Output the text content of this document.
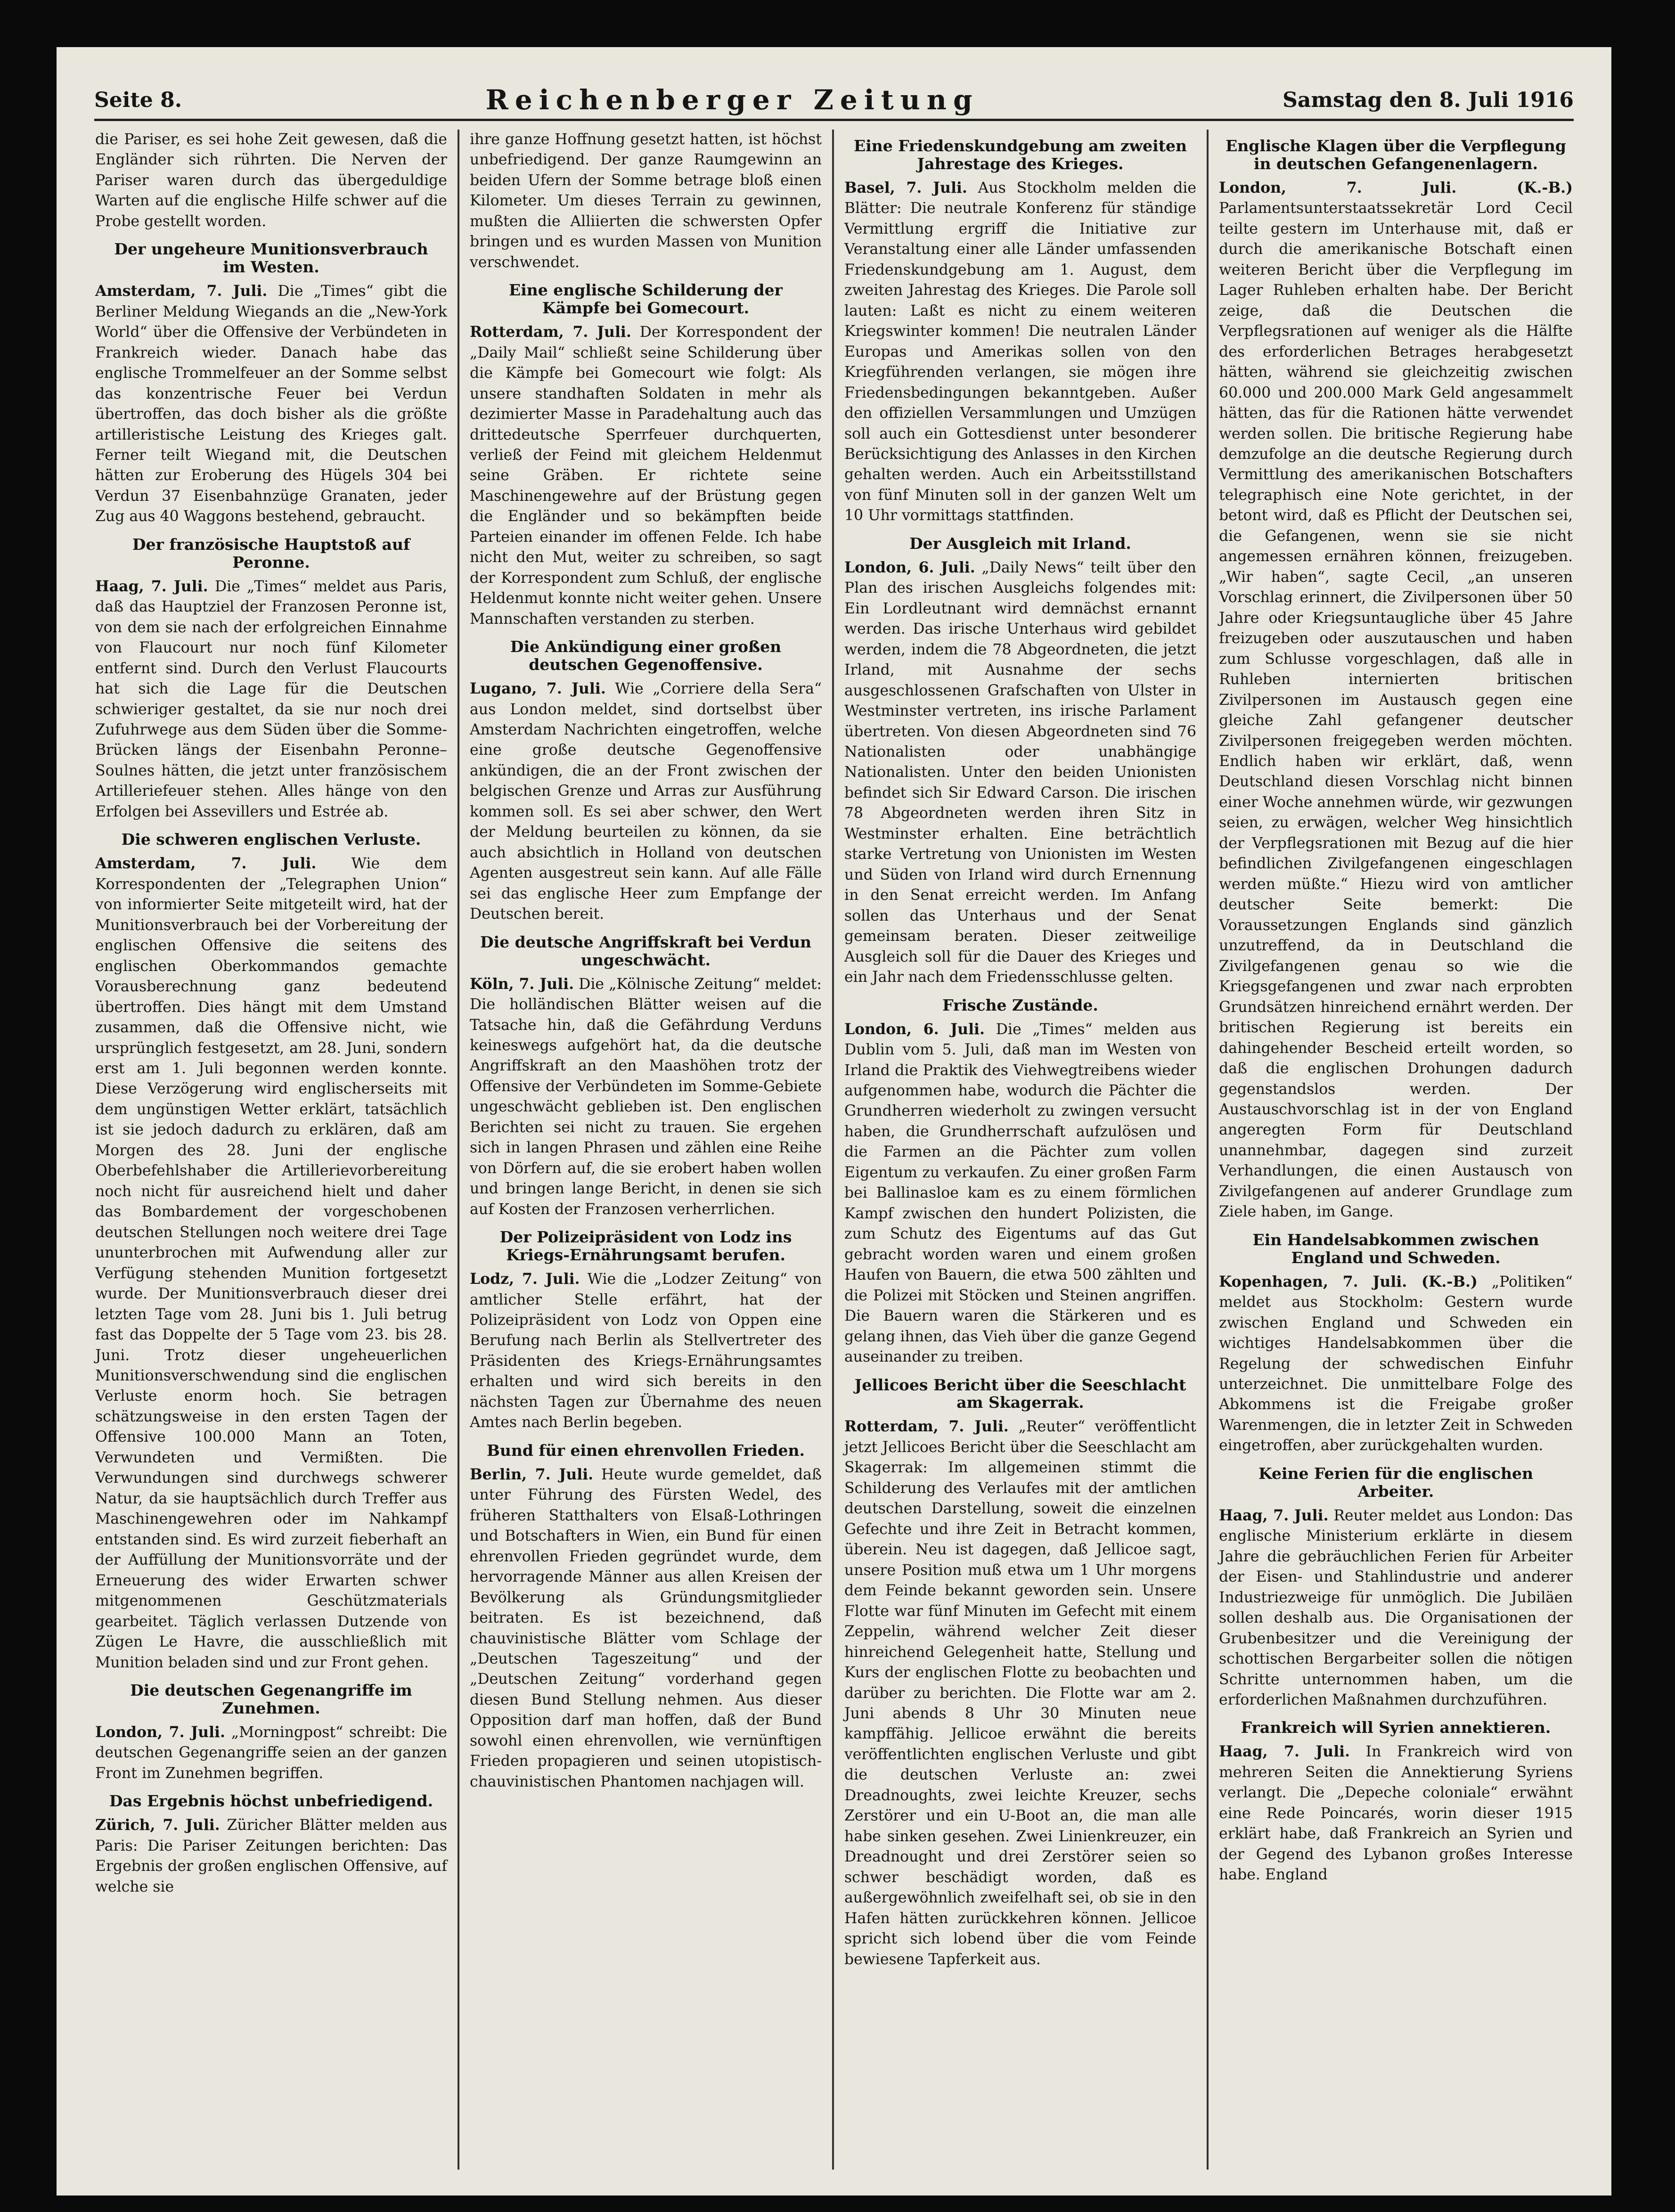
Seite 8.	Reichenberger Zeitung	Samstag den 8. Juli 1916

die Pariser, es sei hohe Zeit gewesen, daß die Engländer sich rührten. Die Nerven der Pariser waren durch das übergeduldige Warten auf die englische Hilfe schwer auf die Probe gestellt worden.

Der ungeheure Munitionsverbrauch im Westen.

Amsterdam, 7. Juli. Die „Times“ gibt die Berliner Meldung Wiegands an die „New-York World“ über die Offensive der Verbündeten in Frankreich wieder. Danach habe das englische Trommelfeuer an der Somme selbst das konzentrische Feuer bei Verdun übertroffen, das doch bisher als die größte artilleristische Leistung des Krieges galt. Ferner teilt Wiegand mit, die Deutschen hätten zur Eroberung des Hügels 304 bei Verdun 37 Eisenbahnzüge Granaten, jeder Zug aus 40 Waggons bestehend, gebraucht.

Der französische Hauptstoß auf Peronne.

Haag, 7. Juli. Die „Times“ meldet aus Paris, daß das Hauptziel der Franzosen Peronne ist, von dem sie nach der erfolgreichen Einnahme von Flaucourt nur noch fünf Kilometer entfernt sind. Durch den Verlust Flaucourts hat sich die Lage für die Deutschen schwieriger gestaltet, da sie nur noch drei Zufuhrwege aus dem Süden über die Somme-Brücken längs der Eisenbahn Peronne–Soulnes hätten, die jetzt unter französischem Artilleriefeuer stehen. Alles hänge von den Erfolgen bei Assevillers und Estrée ab.

Die schweren englischen Verluste.

Amsterdam, 7. Juli. Wie dem Korrespondenten der „Telegraphen Union“ von informierter Seite mitgeteilt wird, hat der Munitionsverbrauch bei der Vorbereitung der englischen Offensive die seitens des englischen Oberkommandos gemachte Vorausberechnung ganz bedeutend übertroffen. Dies hängt mit dem Umstand zusammen, daß die Offensive nicht, wie ursprünglich festgesetzt, am 28. Juni, sondern erst am 1. Juli begonnen werden konnte. Diese Verzögerung wird englischerseits mit dem ungünstigen Wetter erklärt, tatsächlich ist sie jedoch dadurch zu erklären, daß am Morgen des 28. Juni der englische Oberbefehlshaber die Artillerievorbereitung noch nicht für ausreichend hielt und daher das Bombardement der vorgeschobenen deutschen Stellungen noch weitere drei Tage ununterbrochen mit Aufwendung aller zur Verfügung stehenden Munition fortgesetzt wurde. Der Munitionsverbrauch dieser drei letzten Tage vom 28. Juni bis 1. Juli betrug fast das Doppelte der 5 Tage vom 23. bis 28. Juni. Trotz dieser ungeheuerlichen Munitionsverschwendung sind die englischen Verluste enorm hoch. Sie betragen schätzungsweise in den ersten Tagen der Offensive 100.000 Mann an Toten, Verwundeten und Vermißten. Die Verwundungen sind durchwegs schwerer Natur, da sie hauptsächlich durch Treffer aus Maschinengewehren oder im Nahkampf entstanden sind. Es wird zurzeit fieberhaft an der Auffüllung der Munitionsvorräte und der Erneuerung des wider Erwarten schwer mitgenommenen Geschützmaterials gearbeitet. Täglich verlassen Dutzende von Zügen Le Havre, die ausschließlich mit Munition beladen sind und zur Front gehen.

Die deutschen Gegenangriffe im Zunehmen.

London, 7. Juli. „Morningpost“ schreibt: Die deutschen Gegenangriffe seien an der ganzen Front im Zunehmen begriffen.

Das Ergebnis höchst unbefriedigend.

Zürich, 7. Juli. Züricher Blätter melden aus Paris: Die Pariser Zeitungen berichten: Das Ergebnis der großen englischen Offensive, auf welche sie

ihre ganze Hoffnung gesetzt hatten, ist höchst unbefriedigend. Der ganze Raumgewinn an beiden Ufern der Somme betrage bloß einen Kilometer. Um dieses Terrain zu gewinnen, mußten die Alliierten die schwersten Opfer bringen und es wurden Massen von Munition verschwendet.

Eine englische Schilderung der Kämpfe bei Gomecourt.

Rotterdam, 7. Juli. Der Korrespondent der „Daily Mail“ schließt seine Schilderung über die Kämpfe bei Gomecourt wie folgt: Als unsere standhaften Soldaten in mehr als dezimierter Masse in Paradehaltung auch das drittedeutsche Sperrfeuer durchquerten, verließ der Feind mit gleichem Heldenmut seine Gräben. Er richtete seine Maschinengewehre auf der Brüstung gegen die Engländer und so bekämpften beide Parteien einander im offenen Felde. Ich habe nicht den Mut, weiter zu schreiben, so sagt der Korrespondent zum Schluß, der englische Heldenmut konnte nicht weiter gehen. Unsere Mannschaften verstanden zu sterben.

Die Ankündigung einer großen deutschen Gegenoffensive.

Lugano, 7. Juli. Wie „Corriere della Sera“ aus London meldet, sind dortselbst über Amsterdam Nachrichten eingetroffen, welche eine große deutsche Gegenoffensive ankündigen, die an der Front zwischen der belgischen Grenze und Arras zur Ausführung kommen soll. Es sei aber schwer, den Wert der Meldung beurteilen zu können, da sie auch absichtlich in Holland von deutschen Agenten ausgestreut sein kann. Auf alle Fälle sei das englische Heer zum Empfange der Deutschen bereit.

Die deutsche Angriffskraft bei Verdun ungeschwächt.

Köln, 7. Juli. Die „Kölnische Zeitung“ meldet: Die holländischen Blätter weisen auf die Tatsache hin, daß die Gefährdung Verduns keineswegs aufgehört hat, da die deutsche Angriffskraft an den Maashöhen trotz der Offensive der Verbündeten im Somme-Gebiete ungeschwächt geblieben ist. Den englischen Berichten sei nicht zu trauen. Sie ergehen sich in langen Phrasen und zählen eine Reihe von Dörfern auf, die sie erobert haben wollen und bringen lange Bericht, in denen sie sich auf Kosten der Franzosen verherrlichen.

Der Polizeipräsident von Lodz ins Kriegs-Ernährungsamt berufen.

Lodz, 7. Juli. Wie die „Lodzer Zeitung“ von amtlicher Stelle erfährt, hat der Polizeipräsident von Lodz von Oppen eine Berufung nach Berlin als Stellvertreter des Präsidenten des Kriegs-Ernährungsamtes erhalten und wird sich bereits in den nächsten Tagen zur Übernahme des neuen Amtes nach Berlin begeben.

Bund für einen ehrenvollen Frieden.

Berlin, 7. Juli. Heute wurde gemeldet, daß unter Führung des Fürsten Wedel, des früheren Statthalters von Elsaß-Lothringen und Botschafters in Wien, ein Bund für einen ehrenvollen Frieden gegründet wurde, dem hervorragende Männer aus allen Kreisen der Bevölkerung als Gründungsmitglieder beitraten. Es ist bezeichnend, daß chauvinistische Blätter vom Schlage der „Deutschen Tageszeitung“ und der „Deutschen Zeitung“ vorderhand gegen diesen Bund Stellung nehmen. Aus dieser Opposition darf man hoffen, daß der Bund sowohl einen ehrenvollen, wie vernünftigen Frieden propagieren und seinen utopistisch-chauvinistischen Phantomen nachjagen will.

Eine Friedenskundgebung am zweiten Jahrestage des Krieges.

Basel, 7. Juli. Aus Stockholm melden die Blätter: Die neutrale Konferenz für ständige Vermittlung ergriff die Initiative zur Veranstaltung einer alle Länder umfassenden Friedenskundgebung am 1. August, dem zweiten Jahrestag des Krieges. Die Parole soll lauten: Laßt es nicht zu einem weiteren Kriegswinter kommen! Die neutralen Länder Europas und Amerikas sollen von den Kriegführenden verlangen, sie mögen ihre Friedensbedingungen bekanntgeben. Außer den offiziellen Versammlungen und Umzügen soll auch ein Gottesdienst unter besonderer Berücksichtigung des Anlasses in den Kirchen gehalten werden. Auch ein Arbeitsstillstand von fünf Minuten soll in der ganzen Welt um 10 Uhr vormittags stattfinden.

Der Ausgleich mit Irland.

London, 6. Juli. „Daily News“ teilt über den Plan des irischen Ausgleichs folgendes mit: Ein Lordleutnant wird demnächst ernannt werden. Das irische Unterhaus wird gebildet werden, indem die 78 Abgeordneten, die jetzt Irland, mit Ausnahme der sechs ausgeschlossenen Grafschaften von Ulster in Westminster vertreten, ins irische Parlament übertreten. Von diesen Abgeordneten sind 76 Nationalisten oder unabhängige Nationalisten. Unter den beiden Unionisten befindet sich Sir Edward Carson. Die irischen 78 Abgeordneten werden ihren Sitz in Westminster erhalten. Eine beträchtlich starke Vertretung von Unionisten im Westen und Süden von Irland wird durch Ernennung in den Senat erreicht werden. Im Anfang sollen das Unterhaus und der Senat gemeinsam beraten. Dieser zeitweilige Ausgleich soll für die Dauer des Krieges und ein Jahr nach dem Friedensschlusse gelten.

Frische Zustände.

London, 6. Juli. Die „Times“ melden aus Dublin vom 5. Juli, daß man im Westen von Irland die Praktik des Viehwegtreibens wieder aufgenommen habe, wodurch die Pächter die Grundherren wiederholt zu zwingen versucht haben, die Grundherrschaft aufzulösen und die Farmen an die Pächter zum vollen Eigentum zu verkaufen. Zu einer großen Farm bei Ballinasloe kam es zu einem förmlichen Kampf zwischen den hundert Polizisten, die zum Schutz des Eigentums auf das Gut gebracht worden waren und einem großen Haufen von Bauern, die etwa 500 zählten und die Polizei mit Stöcken und Steinen angriffen. Die Bauern waren die Stärkeren und es gelang ihnen, das Vieh über die ganze Gegend auseinander zu treiben.

Jellicoes Bericht über die Seeschlacht am Skagerrak.

Rotterdam, 7. Juli. „Reuter“ veröffentlicht jetzt Jellicoes Bericht über die Seeschlacht am Skagerrak: Im allgemeinen stimmt die Schilderung des Verlaufes mit der amtlichen deutschen Darstellung, soweit die einzelnen Gefechte und ihre Zeit in Betracht kommen, überein. Neu ist dagegen, daß Jellicoe sagt, unsere Position muß etwa um 1 Uhr morgens dem Feinde bekannt geworden sein. Unsere Flotte war fünf Minuten im Gefecht mit einem Zeppelin, während welcher Zeit dieser hinreichend Gelegenheit hatte, Stellung und Kurs der englischen Flotte zu beobachten und darüber zu berichten. Die Flotte war am 2. Juni abends 8 Uhr 30 Minuten neue kampffähig. Jellicoe erwähnt die bereits veröffentlichten englischen Verluste und gibt die deutschen Verluste an: zwei Dreadnoughts, zwei leichte Kreuzer, sechs Zerstörer und ein U-Boot an, die man alle habe sinken gesehen. Zwei Linienkreuzer, ein Dreadnought und drei Zerstörer seien so schwer beschädigt worden, daß es außergewöhnlich zweifelhaft sei, ob sie in den Hafen hätten zurückkehren können. Jellicoe spricht sich lobend über die vom Feinde bewiesene Tapferkeit aus.

Englische Klagen über die Verpflegung in deutschen Gefangenenlagern.

London, 7. Juli. (K.-B.) Parlamentsunterstaatssekretär Lord Cecil teilte gestern im Unterhause mit, daß er durch die amerikanische Botschaft einen weiteren Bericht über die Verpflegung im Lager Ruhleben erhalten habe. Der Bericht zeige, daß die Deutschen die Verpflegsrationen auf weniger als die Hälfte des erforderlichen Betrages herabgesetzt hätten, während sie gleichzeitig zwischen 60.000 und 200.000 Mark Geld angesammelt hätten, das für die Rationen hätte verwendet werden sollen. Die britische Regierung habe demzufolge an die deutsche Regierung durch Vermittlung des amerikanischen Botschafters telegraphisch eine Note gerichtet, in der betont wird, daß es Pflicht der Deutschen sei, die Gefangenen, wenn sie sie nicht angemessen ernähren können, freizugeben. „Wir haben“, sagte Cecil, „an unseren Vorschlag erinnert, die Zivilpersonen über 50 Jahre oder Kriegsuntaugliche über 45 Jahre freizugeben oder auszutauschen und haben zum Schlusse vorgeschlagen, daß alle in Ruhleben internierten britischen Zivilpersonen im Austausch gegen eine gleiche Zahl gefangener deutscher Zivilpersonen freigegeben werden möchten. Endlich haben wir erklärt, daß, wenn Deutschland diesen Vorschlag nicht binnen einer Woche annehmen würde, wir gezwungen seien, zu erwägen, welcher Weg hinsichtlich der Verpflegsrationen mit Bezug auf die hier befindlichen Zivilgefangenen eingeschlagen werden müßte.“ Hiezu wird von amtlicher deutscher Seite bemerkt: Die Voraussetzungen Englands sind gänzlich unzutreffend, da in Deutschland die Zivilgefangenen genau so wie die Kriegsgefangenen und zwar nach erprobten Grundsätzen hinreichend ernährt werden. Der britischen Regierung ist bereits ein dahingehender Bescheid erteilt worden, so daß die englischen Drohungen dadurch gegenstandslos werden. Der Austauschvorschlag ist in der von England angeregten Form für Deutschland unannehmbar, dagegen sind zurzeit Verhandlungen, die einen Austausch von Zivilgefangenen auf anderer Grundlage zum Ziele haben, im Gange.

Ein Handelsabkommen zwischen England und Schweden.

Kopenhagen, 7. Juli. (K.-B.) „Politiken“ meldet aus Stockholm: Gestern wurde zwischen England und Schweden ein wichtiges Handelsabkommen über die Regelung der schwedischen Einfuhr unterzeichnet. Die unmittelbare Folge des Abkommens ist die Freigabe großer Warenmengen, die in letzter Zeit in Schweden eingetroffen, aber zurückgehalten wurden.

Keine Ferien für die englischen Arbeiter.

Haag, 7. Juli. Reuter meldet aus London: Das englische Ministerium erklärte in diesem Jahre die gebräuchlichen Ferien für Arbeiter der Eisen- und Stahlindustrie und anderer Industriezweige für unmöglich. Die Jubiläen sollen deshalb aus. Die Organisationen der Grubenbesitzer und die Vereinigung der schottischen Bergarbeiter sollen die nötigen Schritte unternommen haben, um die erforderlichen Maßnahmen durchzuführen.

Frankreich will Syrien annektieren.

Haag, 7. Juli. In Frankreich wird von mehreren Seiten die Annektierung Syriens verlangt. Die „Depeche coloniale“ erwähnt eine Rede Poincarés, worin dieser 1915 erklärt habe, daß Frankreich an Syrien und der Gegend des Lybanon großes Interesse habe. England
